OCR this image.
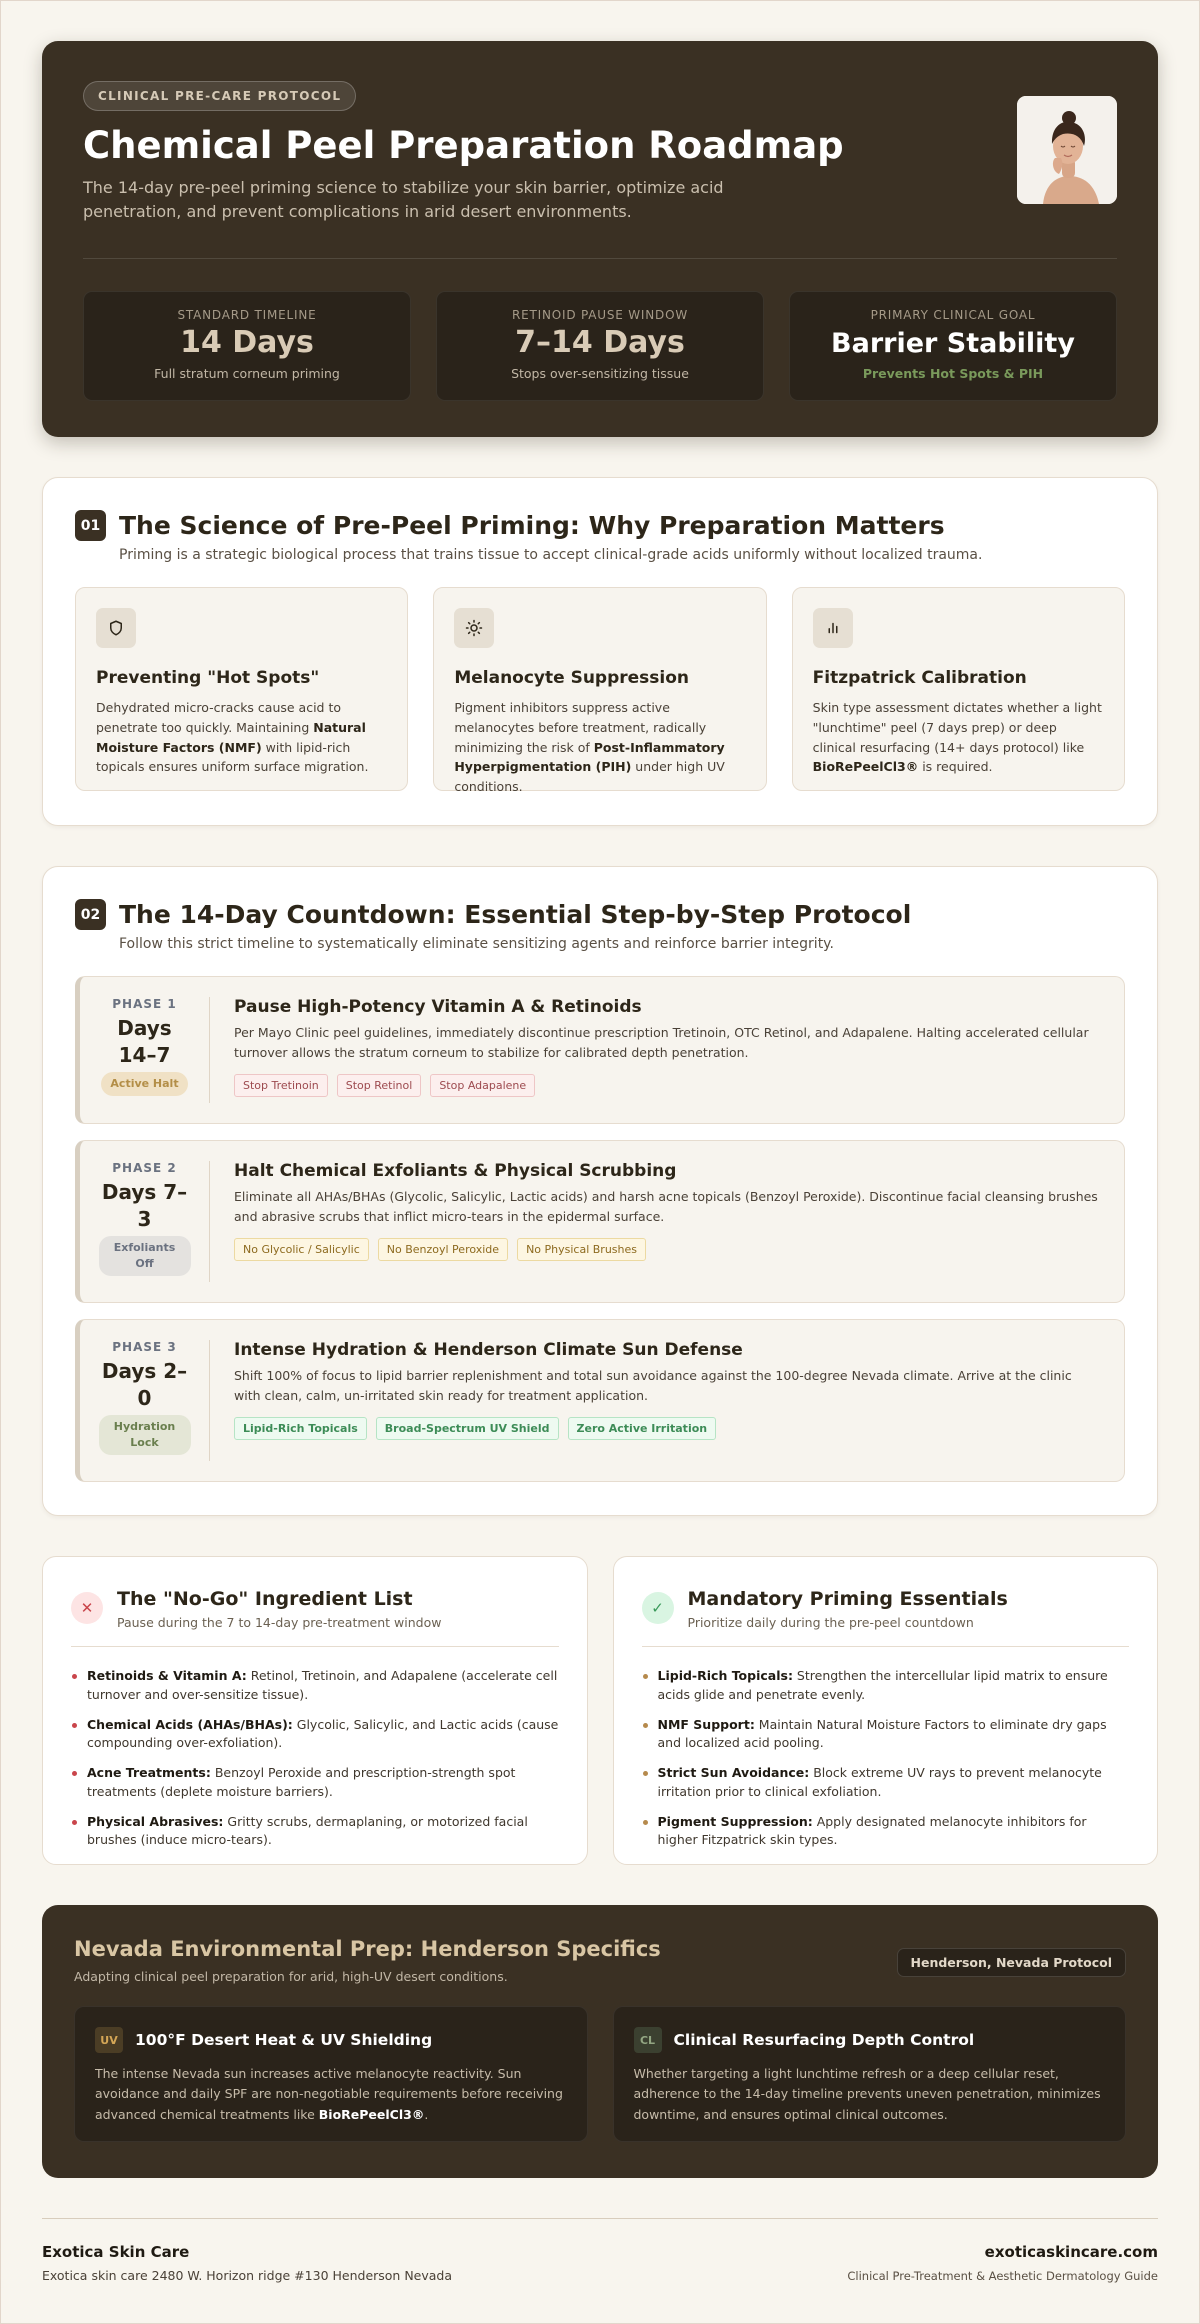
CLINICAL PRE-CARE PROTOCOL
Chemical Peel Preparation Roadmap

The 14-day pre-peel priming science to stabilize your skin barrier, optimize acid penetration, and prevent complications in arid desert environments.

STANDARD TIMELINE
14 Days
Full stratum corneum priming
RETINOID PAUSE WINDOW
7–14 Days
Stops over-sensitizing tissue
PRIMARY CLINICAL GOAL
Barrier Stability
Prevents Hot Spots & PIH
01 The Science of Pre-Peel Priming: Why Preparation Matters

Priming is a strategic biological process that trains tissue to accept clinical-grade acids uniformly without localized trauma.

Preventing "Hot Spots"

Dehydrated micro-cracks cause acid to penetrate too quickly. Maintaining Natural Moisture Factors (NMF) with lipid-rich topicals ensures uniform surface migration.

Melanocyte Suppression

Pigment inhibitors suppress active melanocytes before treatment, radically minimizing the risk of Post-Inflammatory Hyperpigmentation (PIH) under high UV conditions.

Fitzpatrick Calibration

Skin type assessment dictates whether a light "lunchtime" peel (7 days prep) or deep clinical resurfacing (14+ days protocol) like BioRePeelCl3® is required.

02 The 14-Day Countdown: Essential Step-by-Step Protocol

Follow this strict timeline to systematically eliminate sensitizing agents and reinforce barrier integrity.

PHASE 1
Days 14–7
Active Halt
Pause High-Potency Vitamin A & Retinoids

Per Mayo Clinic peel guidelines, immediately discontinue prescription Tretinoin, OTC Retinol, and Adapalene. Halting accelerated cellular turnover allows the stratum corneum to stabilize for calibrated depth penetration.

Stop Tretinoin	Stop Retinol	Stop Adapalene
PHASE 2
Days 7–3
Exfoliants Off
Halt Chemical Exfoliants & Physical Scrubbing

Eliminate all AHAs/BHAs (Glycolic, Salicylic, Lactic acids) and harsh acne topicals (Benzoyl Peroxide). Discontinue facial cleansing brushes and abrasive scrubs that inflict micro-tears in the epidermal surface.

No Glycolic / Salicylic	No Benzoyl Peroxide	No Physical Brushes
PHASE 3
Days 2–0
Hydration Lock
Intense Hydration & Henderson Climate Sun Defense

Shift 100% of focus to lipid barrier replenishment and total sun avoidance against the 100-degree Nevada climate. Arrive at the clinic with clean, calm, un-irritated skin ready for treatment application.

Lipid-Rich Topicals	Broad-Spectrum UV Shield	Zero Active Irritation
✕	The "No-Go" Ingredient List

Pause during the 7 to 14-day pre-treatment window

Retinoids & Vitamin A: Retinol, Tretinoin, and Adapalene (accelerate cell turnover and over-sensitize tissue).
Chemical Acids (AHAs/BHAs): Glycolic, Salicylic, and Lactic acids (cause compounding over-exfoliation).
Acne Treatments: Benzoyl Peroxide and prescription-strength spot treatments (deplete moisture barriers).
Physical Abrasives: Gritty scrubs, dermaplaning, or motorized facial brushes (induce micro-tears).
✓	Mandatory Priming Essentials

Prioritize daily during the pre-peel countdown

Lipid-Rich Topicals: Strengthen the intercellular lipid matrix to ensure acids glide and penetrate evenly.
NMF Support: Maintain Natural Moisture Factors to eliminate dry gaps and localized acid pooling.
Strict Sun Avoidance: Block extreme UV rays to prevent melanocyte irritation prior to clinical exfoliation.
Pigment Suppression: Apply designated melanocyte inhibitors for higher Fitzpatrick skin types.
Nevada Environmental Prep: Henderson Specifics

Adapting clinical peel preparation for arid, high-UV desert conditions.

Henderson, Nevada Protocol
UV	100°F Desert Heat & UV Shielding

The intense Nevada sun increases active melanocyte reactivity. Sun avoidance and daily SPF are non-negotiable requirements before receiving advanced chemical treatments like BioRePeelCl3®.

CL	Clinical Resurfacing Depth Control

Whether targeting a light lunchtime refresh or a deep cellular reset, adherence to the 14-day timeline prevents uneven penetration, minimizes downtime, and ensures optimal clinical outcomes.

Exotica Skin Care
Exotica skin care 2480 W. Horizon ridge #130 Henderson Nevada
exoticaskincare.com
Clinical Pre-Treatment & Aesthetic Dermatology Guide
